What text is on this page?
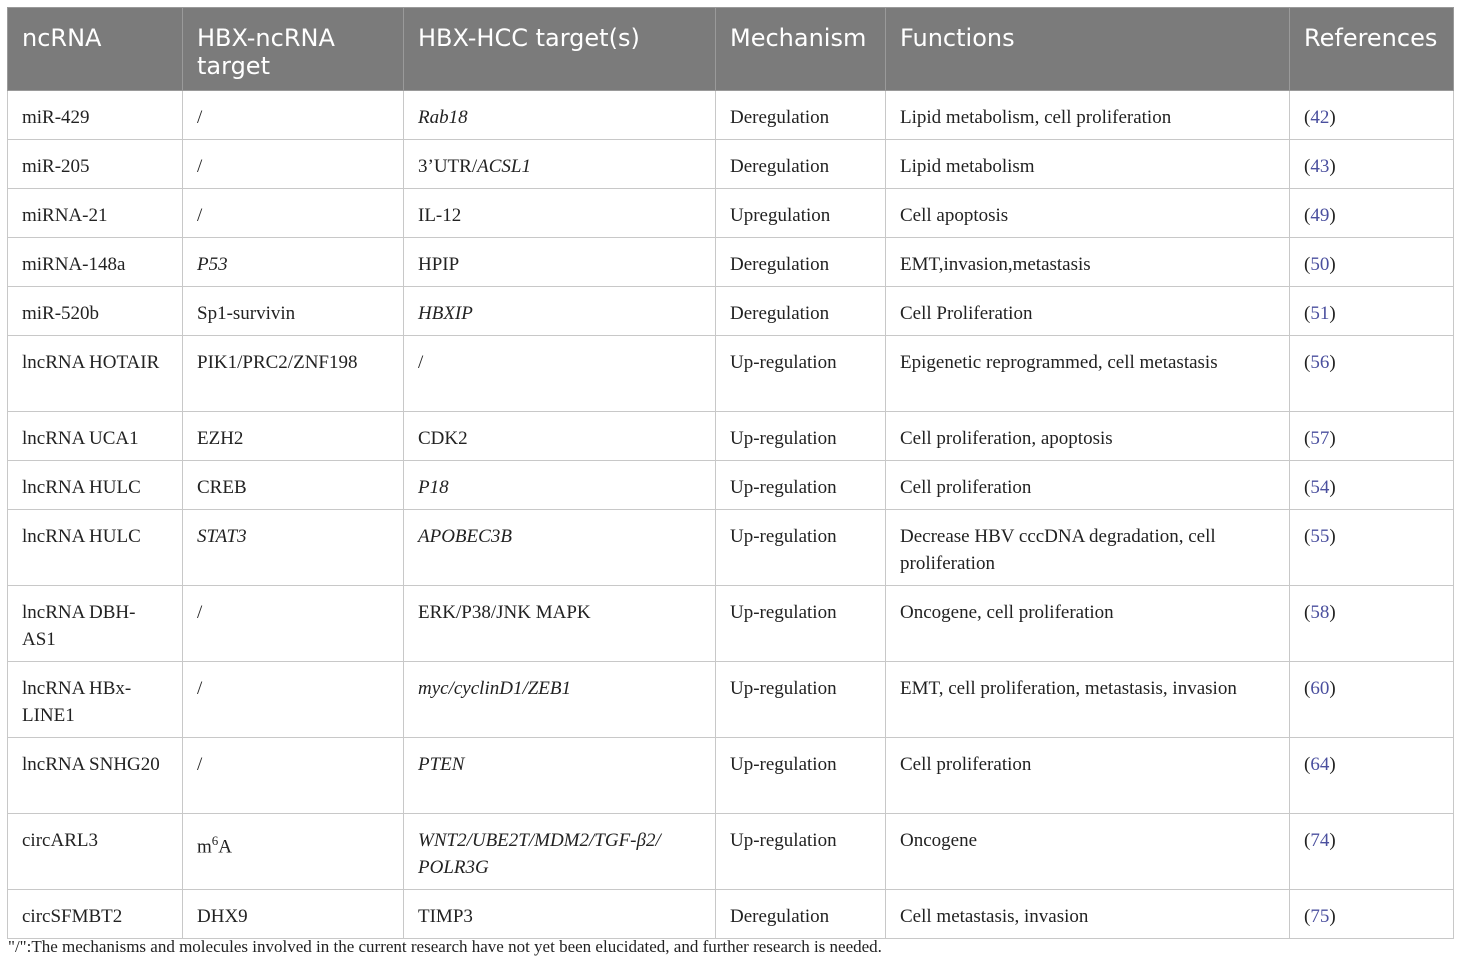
ncRNA	HBX-ncRNA target	HBX-HCC target(s)	Mechanism	Functions	References
miR-429	/	Rab18	Deregulation	Lipid metabolism, cell proliferation	(42)
miR-205	/	3’UTR/ACSL1	Deregulation	Lipid metabolism	(43)
miRNA-21	/	IL-12	Upregulation	Cell apoptosis	(49)
miRNA-148a	P53	HPIP	Deregulation	EMT,invasion,metastasis	(50)
miR-520b	Sp1-survivin	HBXIP	Deregulation	Cell Proliferation	(51)
lncRNA HOTAIR	PIK1/PRC2/ZNF198	/	Up-regulation	Epigenetic reprogrammed, cell metastasis	(56)
lncRNA UCA1	EZH2	CDK2	Up-regulation	Cell proliferation, apoptosis	(57)
lncRNA HULC	CREB	P18	Up-regulation	Cell proliferation	(54)
lncRNA HULC	STAT3	APOBEC3B	Up-regulation	Decrease HBV cccDNA degradation, cell proliferation	(55)
lncRNA DBH-AS1	/	ERK/P38/JNK MAPK	Up-regulation	Oncogene, cell proliferation	(58)
lncRNA HBx-LINE1	/	myc/cyclinD1/ZEB1	Up-regulation	EMT, cell proliferation, metastasis, invasion	(60)
lncRNA SNHG20	/	PTEN	Up-regulation	Cell proliferation	(64)
circARL3	$m^6A$	WNT2/UBE2T/MDM2/TGF-β2/ POLR3G	Up-regulation	Oncogene	(74)
circSFMBT2	DHX9	TIMP3	Deregulation	Cell metastasis, invasion	(75)
"/":The mechanisms and molecules involved in the current research have not yet been elucidated, and further research is needed.
